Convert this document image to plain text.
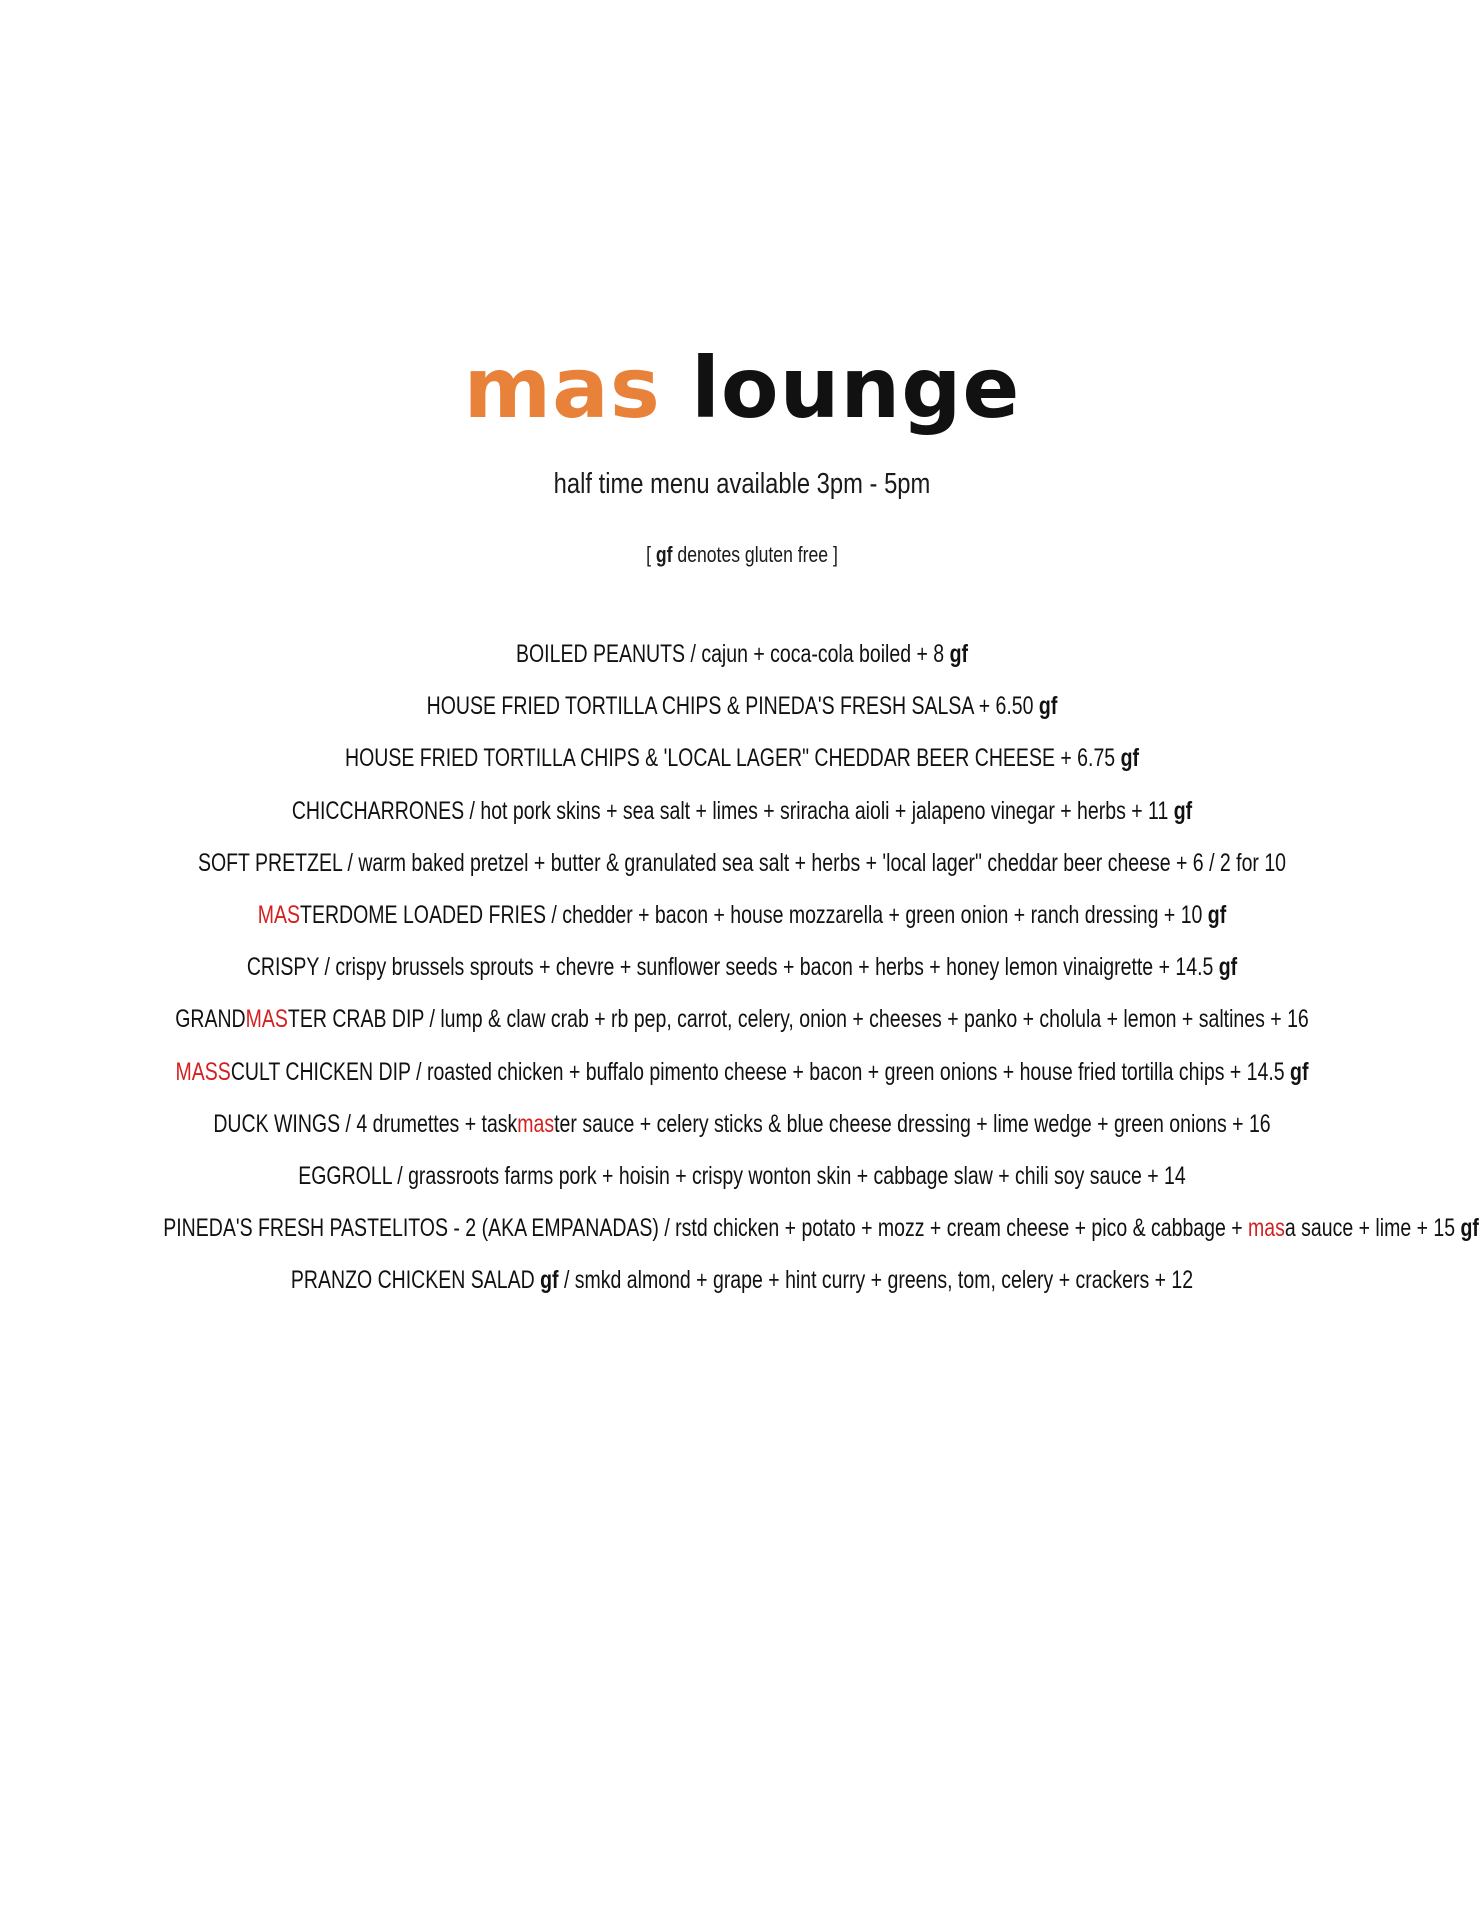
mas lounge
half time menu available 3pm - 5pm
[ gf denotes gluten free ]
BOILED PEANUTS / cajun + coca-cola boiled + 8 gf
HOUSE FRIED TORTILLA CHIPS & PINEDA'S FRESH SALSA + 6.50 gf
HOUSE FRIED TORTILLA CHIPS & 'LOCAL LAGER" CHEDDAR BEER CHEESE + 6.75 gf
CHICCHARRONES / hot pork skins + sea salt + limes + sriracha aioli + jalapeno vinegar + herbs + 11 gf
SOFT PRETZEL / warm baked pretzel + butter & granulated sea salt + herbs + 'local lager" cheddar beer cheese + 6 / 2 for 10
MASTERDOME LOADED FRIES / chedder + bacon + house mozzarella + green onion + ranch dressing + 10 gf
CRISPY / crispy brussels sprouts + chevre + sunflower seeds + bacon + herbs + honey lemon vinaigrette + 14.5 gf
GRANDMASTER CRAB DIP / lump & claw crab + rb pep, carrot, celery, onion + cheeses + panko + cholula + lemon + saltines + 16
MASSCULT CHICKEN DIP / roasted chicken + buffalo pimento cheese + bacon + green onions + house fried tortilla chips + 14.5 gf
DUCK WINGS / 4 drumettes + taskmaster sauce + celery sticks & blue cheese dressing + lime wedge + green onions + 16
EGGROLL / grassroots farms pork + hoisin + crispy wonton skin + cabbage slaw + chili soy sauce + 14
PINEDA'S FRESH PASTELITOS - 2 (AKA EMPANADAS) / rstd chicken + potato + mozz + cream cheese + pico & cabbage + masa sauce + lime + 15 gf
PRANZO CHICKEN SALAD gf / smkd almond + grape + hint curry + greens, tom, celery + crackers + 12
